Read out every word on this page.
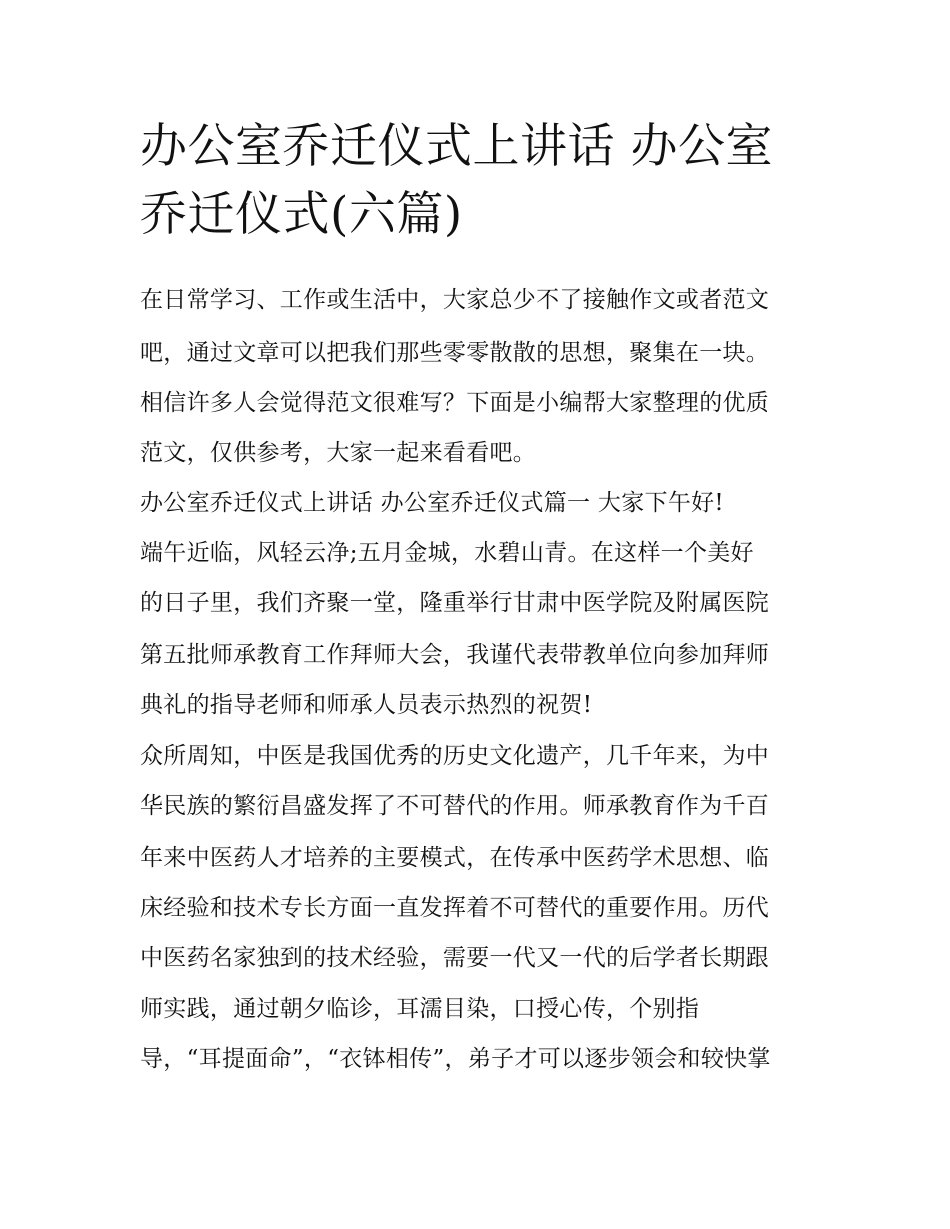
办公室乔迁仪式上讲话 办公室
乔迁仪式(六篇)
在日常学习、工作或生活中，大家总少不了接触作文或者范文
吧，通过文章可以把我们那些零零散散的思想，聚集在一块。
相信许多人会觉得范文很难写？下面是小编帮大家整理的优质
范文，仅供参考，大家一起来看看吧。
办公室乔迁仪式上讲话 办公室乔迁仪式篇一 大家下午好!
端午近临，风轻云净;五月金城，水碧山青。在这样一个美好
的日子里，我们齐聚一堂，隆重举行甘肃中医学院及附属医院
第五批师承教育工作拜师大会，我谨代表带教单位向参加拜师
典礼的指导老师和师承人员表示热烈的祝贺!
众所周知，中医是我国优秀的历史文化遗产，几千年来，为中
华民族的繁衍昌盛发挥了不可替代的作用。师承教育作为千百
年来中医药人才培养的主要模式，在传承中医药学术思想、临
床经验和技术专长方面一直发挥着不可替代的重要作用。历代
中医药名家独到的技术经验，需要一代又一代的后学者长期跟
师实践，通过朝夕临诊，耳濡目染，口授心传，个别指
导，“耳提面命”，“衣钵相传”，弟子才可以逐步领会和较快掌
